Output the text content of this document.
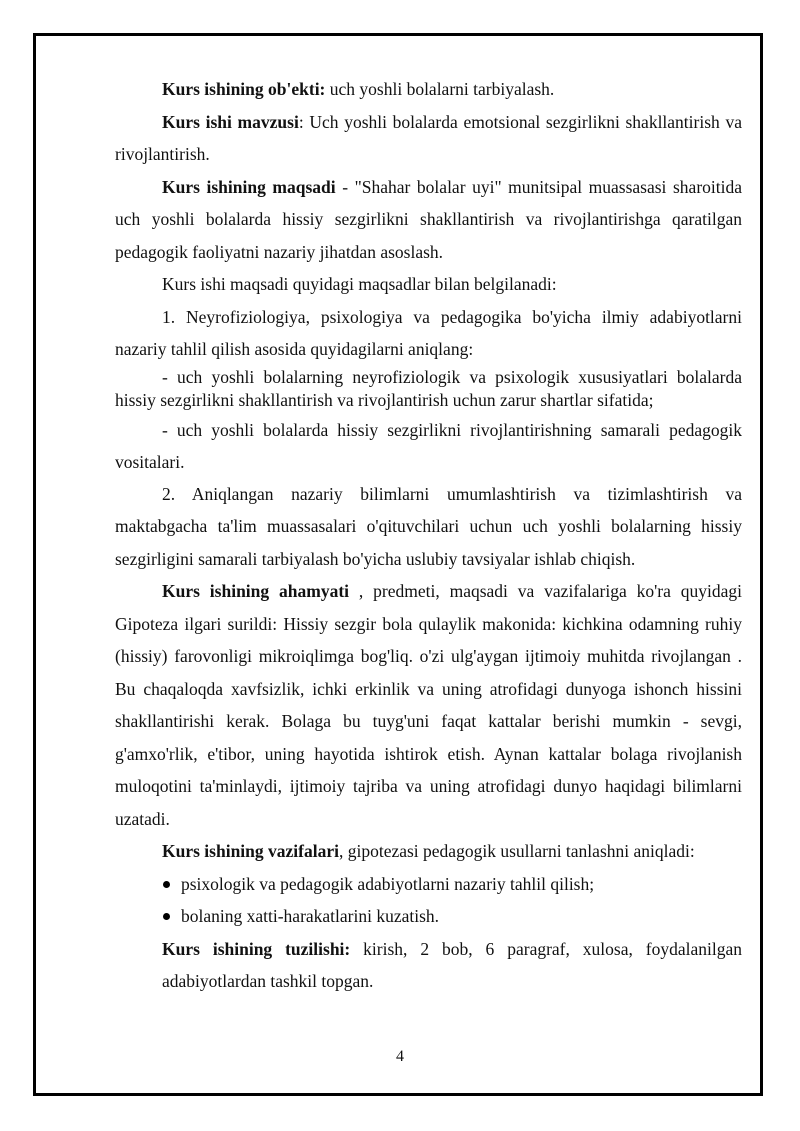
Kurs ishining ob'ekti: uch yoshli bolalarni tarbiyalash.

Kurs ishi mavzusi: Uch yoshli bolalarda emotsional sezgirlikni shakllantirish va rivojlantirish.

Kurs ishining maqsadi - "Shahar bolalar uyi" munitsipal muassasasi sharoitida uch yoshli bolalarda hissiy sezgirlikni shakllantirish va rivojlantirishga qaratilgan pedagogik faoliyatni nazariy jihatdan asoslash.

Kurs ishi maqsadi quyidagi maqsadlar bilan belgilanadi:

1. Neyrofiziologiya, psixologiya va pedagogika bo'yicha ilmiy adabiyotlarni nazariy tahlil qilish asosida quyidagilarni aniqlang:

- uch yoshli bolalarning neyrofiziologik va psixologik xususiyatlari bolalarda hissiy sezgirlikni shakllantirish va rivojlantirish uchun zarur shartlar sifatida;

- uch yoshli bolalarda hissiy sezgirlikni rivojlantirishning samarali pedagogik vositalari.

2. Aniqlangan nazariy bilimlarni umumlashtirish va tizimlashtirish va maktabgacha ta'lim muassasalari o'qituvchilari uchun uch yoshli bolalarning hissiy sezgirligini samarali tarbiyalash bo'yicha uslubiy tavsiyalar ishlab chiqish.

Kurs ishining ahamyati , predmeti, maqsadi va vazifalariga ko'ra quyidagi Gipoteza ilgari surildi: Hissiy sezgir bola qulaylik makonida: kichkina odamning ruhiy (hissiy) farovonligi mikroiqlimga bog'liq. o'zi ulg'aygan ijtimoiy muhitda rivojlangan . Bu chaqaloqda xavfsizlik, ichki erkinlik va uning atrofidagi dunyoga ishonch hissini shakllantirishi kerak. Bolaga bu tuyg'uni faqat kattalar berishi mumkin - sevgi, g'amxo'rlik, e'tibor, uning hayotida ishtirok etish. Aynan kattalar bolaga rivojlanish muloqotini ta'minlaydi, ijtimoiy tajriba va uning atrofidagi dunyo haqidagi bilimlarni uzatadi.

Kurs ishining vazifalari, gipotezasi pedagogik usullarni tanlashni aniqladi:

psixologik va pedagogik adabiyotlarni nazariy tahlil qilish;
bolaning xatti-harakatlarini kuzatish.

Kurs ishining tuzilishi: kirish, 2 bob, 6 paragraf, xulosa, foydalanilgan adabiyotlardan tashkil topgan.

4
